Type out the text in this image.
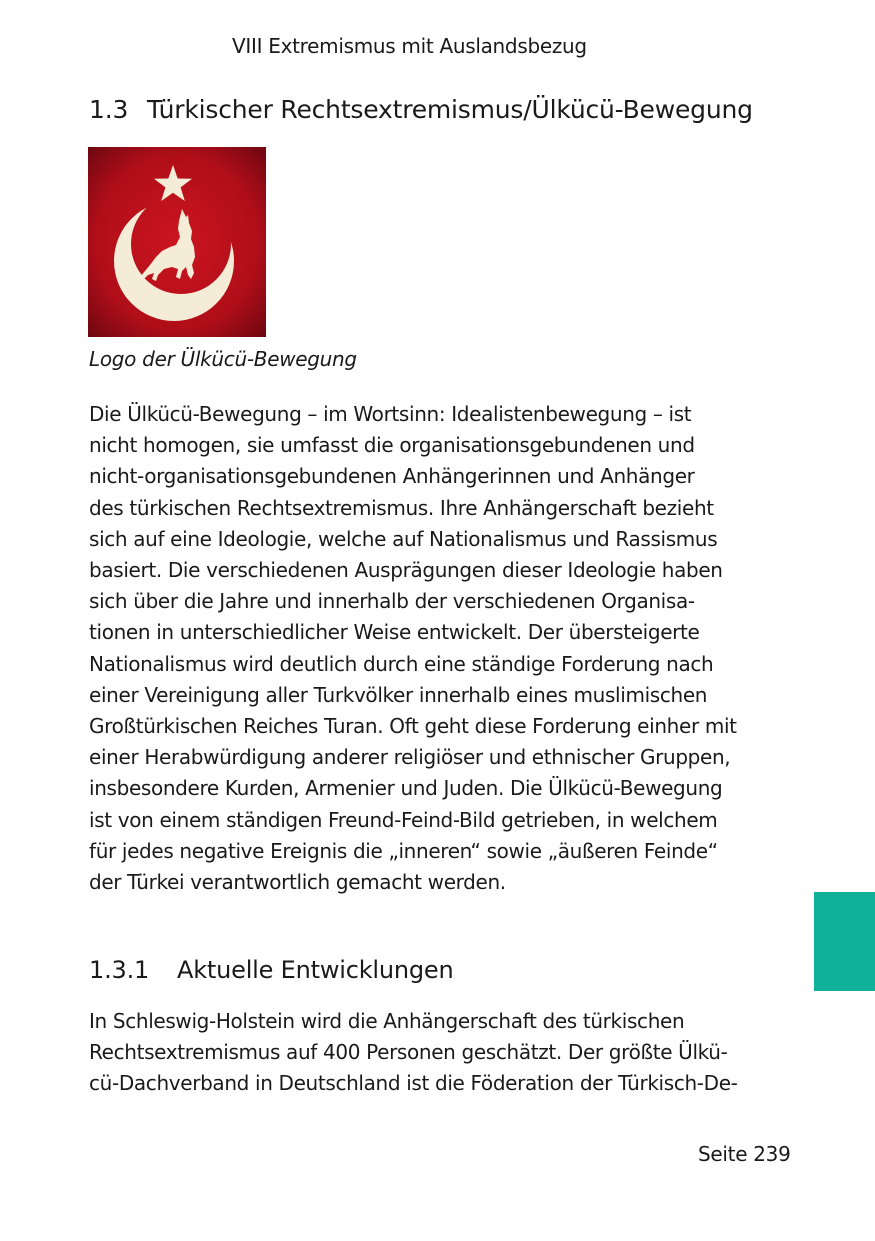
VIII Extremismus mit Auslandsbezug
1.3 Türkischer Rechtsextremismus/Ülkücü-Bewegung
Logo der Ülkücü-Bewegung
Die Ülkücü-Bewegung – im Wortsinn: Idealistenbewegung – ist
nicht homogen, sie umfasst die organisationsgebundenen und
nicht-organisationsgebundenen Anhängerinnen und Anhänger
des türkischen Rechtsextremismus. Ihre Anhängerschaft bezieht
sich auf eine Ideologie, welche auf Nationalismus und Rassismus
basiert. Die verschiedenen Ausprägungen dieser Ideologie haben
sich über die Jahre und innerhalb der verschiedenen Organisa-
tionen in unterschiedlicher Weise entwickelt. Der übersteigerte
Nationalismus wird deutlich durch eine ständige Forderung nach
einer Vereinigung aller Turkvölker innerhalb eines muslimischen
Großtürkischen Reiches Turan. Oft geht diese Forderung einher mit
einer Herabwürdigung anderer religiöser und ethnischer Gruppen,
insbesondere Kurden, Armenier und Juden. Die Ülkücü-Bewegung
ist von einem ständigen Freund-Feind-Bild getrieben, in welchem
für jedes negative Ereignis die „inneren“ sowie „äußeren Feinde“
der Türkei verantwortlich gemacht werden.
1.3.1 Aktuelle Entwicklungen
In Schleswig-Holstein wird die Anhängerschaft des türkischen
Rechtsextremismus auf 400 Personen geschätzt. Der größte Ülkü-
cü-Dachverband in Deutschland ist die Föderation der Türkisch-De-
Seite 239
